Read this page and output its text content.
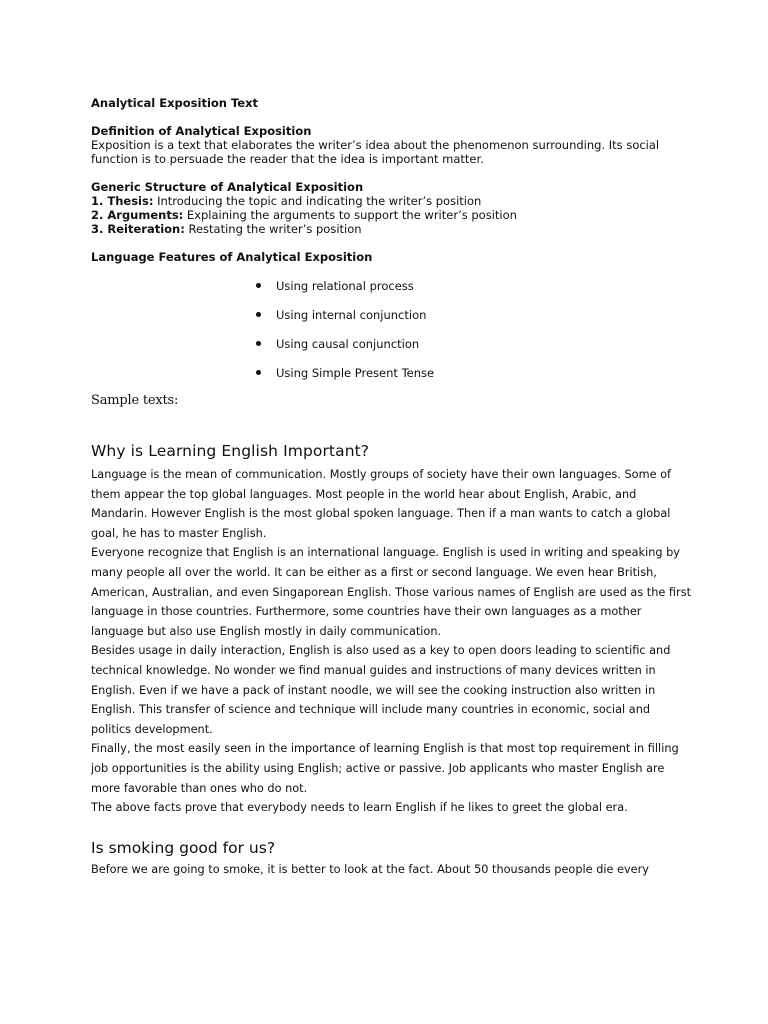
Analytical Exposition Text

Definition of Analytical Exposition

Exposition is a text that elaborates the writer’s idea about the phenomenon surrounding. Its social function is to persuade the reader that the idea is important matter.

Generic Structure of Analytical Exposition

1. Thesis: Introducing the topic and indicating the writer’s position
2. Arguments: Explaining the arguments to support the writer’s position
3. Reiteration: Restating the writer’s position

Language Features of Analytical Exposition

Using relational process
Using internal conjunction
Using causal conjunction
Using Simple Present Tense

Sample texts:

Why is Learning English Important?

Language is the mean of communication. Mostly groups of society have their own languages. Some of them appear the top global languages. Most people in the world hear about English, Arabic, and Mandarin. However English is the most global spoken language. Then if a man wants to catch a global goal, he has to master English.

Everyone recognize that English is an international language. English is used in writing and speaking by many people all over the world. It can be either as a first or second language. We even hear British, American, Australian, and even Singaporean English. Those various names of English are used as the first language in those countries. Furthermore, some countries have their own languages as a mother language but also use English mostly in daily communication.

Besides usage in daily interaction, English is also used as a key to open doors leading to scientific and technical knowledge. No wonder we find manual guides and instructions of many devices written in English. Even if we have a pack of instant noodle, we will see the cooking instruction also written in English. This transfer of science and technique will include many countries in economic, social and politics development.

Finally, the most easily seen in the importance of learning English is that most top requirement in filling job opportunities is the ability using English; active or passive. Job applicants who master English are more favorable than ones who do not.

The above facts prove that everybody needs to learn English if he likes to greet the global era.

Is smoking good for us?

Before we are going to smoke, it is better to look at the fact. About 50 thousands people die every
